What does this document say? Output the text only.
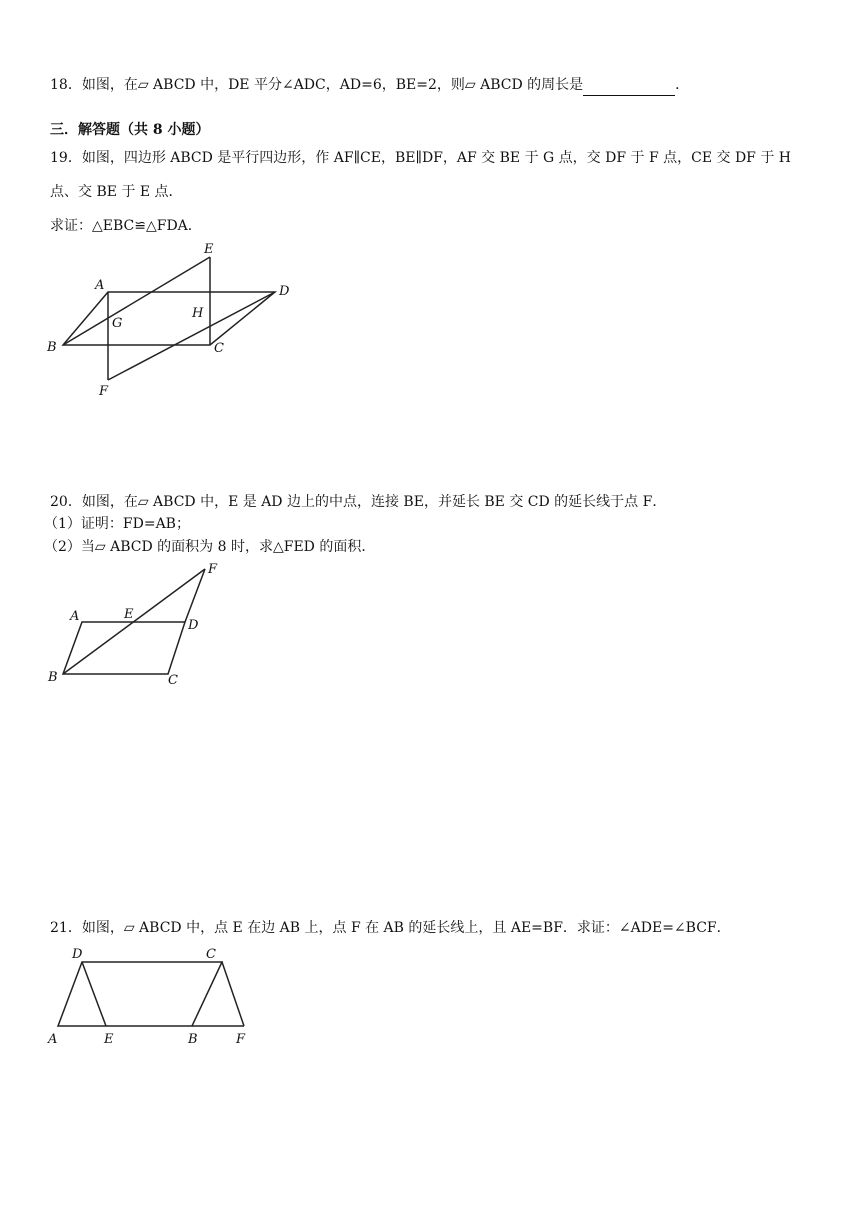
18．如图，在▱ ABCD 中，DE 平分∠ADC，AD=6，BE=2，则▱ ABCD 的周长是	．
三．解答题（共 8 小题）
19．如图，四边形 ABCD 是平行四边形，作 AF∥CE，BE∥DF，AF 交 BE 于 G 点，交 DF 于 F 点，CE 交 DF 于 H
点、交 BE 于 E 点．
求证：△EBC≌△FDA．
E
A	D
G
H
B	C
F
20．如图，在▱ ABCD 中，E 是 AD 边上的中点，连接 BE，并延长 BE 交 CD 的延长线于点 F．
（1）证明：FD=AB；
（2）当▱ ABCD 的面积为 8 时，求△FED 的面积．
F
A	E
D
B	C
21．如图，▱ ABCD 中，点 E 在边 AB 上，点 F 在 AB 的延长线上，且 AE=BF．求证：∠ADE=∠BCF．
D	C
A	E	B	F
